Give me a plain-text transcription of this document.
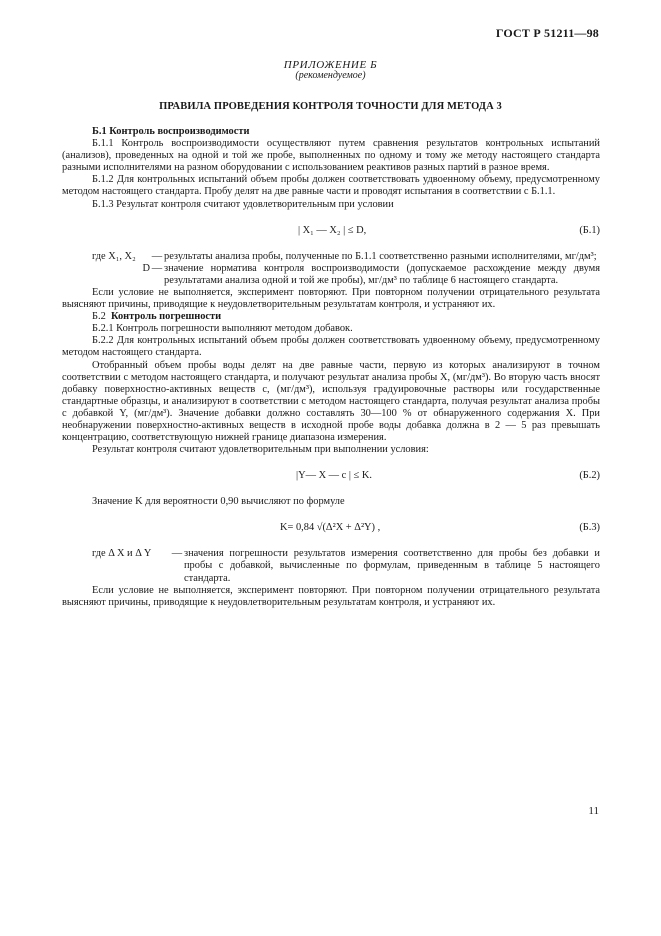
ГОСТ Р 51211—98
ПРИЛОЖЕНИЕ Б
(рекомендуемое)
ПРАВИЛА ПРОВЕДЕНИЯ КОНТРОЛЯ ТОЧНОСТИ ДЛЯ МЕТОДА 3

Б.1 Контроль воспроизводимости

Б.1.1 Контроль воспроизводимости осуществляют путем сравнения результатов контрольных испытаний (анализов), проведенных на одной и той же пробе, выполненных по одному и тому же методу настоящего стандарта разными исполнителями на разном оборудовании с использованием реактивов разных партий в разное время.

Б.1.2 Для контрольных испытаний объем пробы должен соответствовать удвоенному объему, предусмотренному методом настоящего стандарта. Пробу делят на две равные части и проводят испытания в соответствии с Б.1.1.

Б.1.3 Результат контроля считают удовлетворительным при условии

| X₁ — X₂ | ≤ D,	(Б.1)
где X₁, X₂	— результаты анализа пробы, полученные по Б.1.1 соответственно разными исполнителями, мг/дм³;
D — значение норматива контроля воспроизводимости (допускаемое расхождение между двумя результатами анализа одной и той же пробы), мг/дм³ по таблице 6 настоящего стандарта.

Если условие не выполняется, эксперимент повторяют. При повторном получении отрицательного результата выясняют причины, приводящие к неудовлетворительным результатам контроля, и устраняют их.

Б.2 Контроль погрешности

Б.2.1 Контроль погрешности выполняют методом добавок.

Б.2.2 Для контрольных испытаний объем пробы должен соответствовать удвоенному объему, предусмотренному методом настоящего стандарта.

Отобранный объем пробы воды делят на две равные части, первую из которых анализируют в точном соответствии с методом настоящего стандарта, и получают результат анализа пробы X, (мг/дм³). Во вторую часть вносят добавку поверхностно-активных веществ с, (мг/дм³), используя градуировочные растворы или государственные стандартные образцы, и анализируют в соответствии с методом настоящего стандарта, получая результат анализа пробы с добавкой Y, (мг/дм³). Значение добавки должно составлять 30—100 % от обнаруженного содержания X. При необнаружении поверхностно-активных веществ в исходной пробе воды добавка должна в 2 — 5 раз превышать концентрацию, соответствующую нижней границе диапазона измерения.

Результат контроля считают удовлетворительным при выполнении условия:

|Y— X — c | ≤ K.	(Б.2)

Значение K для вероятности 0,90 вычисляют по формуле

K= 0,84 √(Δ²X + Δ²Y) ,	(Б.3)
где Δ X и Δ Y	— значения погрешности результатов измерения соответственно для пробы без добавки и пробы с добавкой, вычисленные по формулам, приведенным в таблице 5 настоящего стандарта.

Если условие не выполняется, эксперимент повторяют. При повторном получении отрицательного результата выясняют причины, приводящие к неудовлетворительным результатам контроля, и устраняют их.

11
